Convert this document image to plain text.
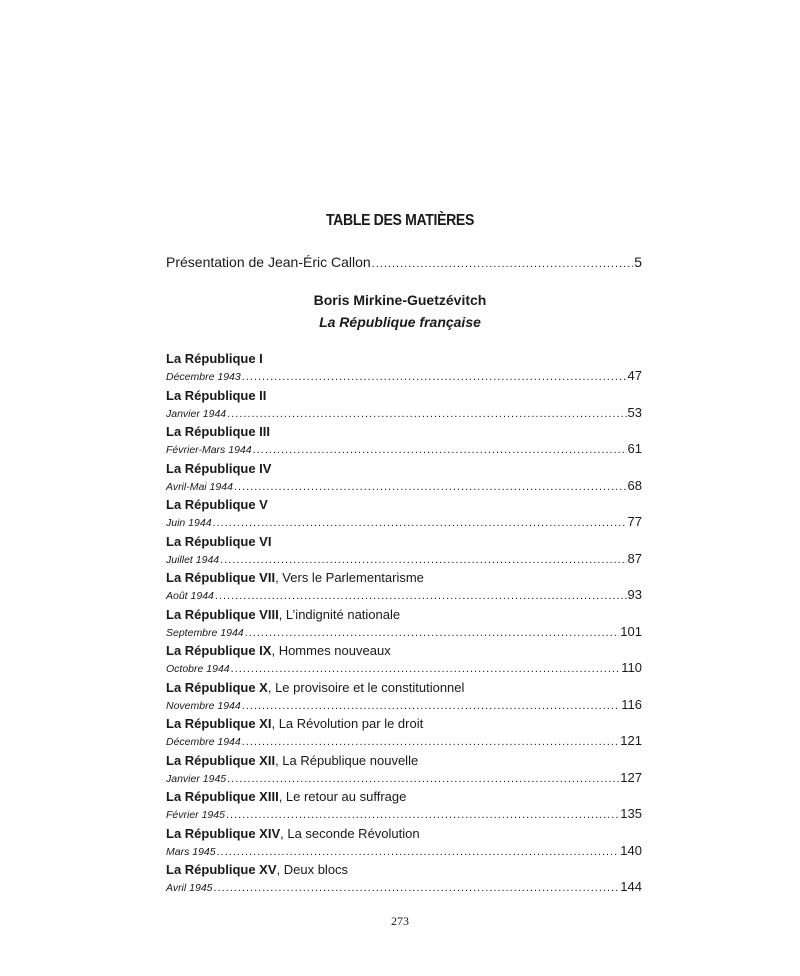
TABLE DES MATIÈRES
Présentation de Jean-Éric Callon .....	5
Boris Mirkine-Guetzévitch
La République française
La République I
Décembre 1943 .....	47
La République II
Janvier 1944 .....	53
La République III
Février-Mars 1944 .....	61
La République IV
Avril-Mai 1944 .....	68
La République V
Juin 1944 .....	77
La République VI
Juillet 1944 .....	87
La République VII, Vers le Parlementarisme
Août 1944 .....	93
La République VIII, L’indignité nationale
Septembre 1944 .....	101
La République IX, Hommes nouveaux
Octobre 1944 .....	110
La République X, Le provisoire et le constitutionnel
Novembre 1944 .....	116
La République XI, La Révolution par le droit
Décembre 1944 .....	121
La République XII, La République nouvelle
Janvier 1945 .....	127
La République XIII, Le retour au suffrage
Février 1945 .....	135
La République XIV, La seconde Révolution
Mars 1945 .....	140
La République XV, Deux blocs
Avril 1945 .....	144
273
